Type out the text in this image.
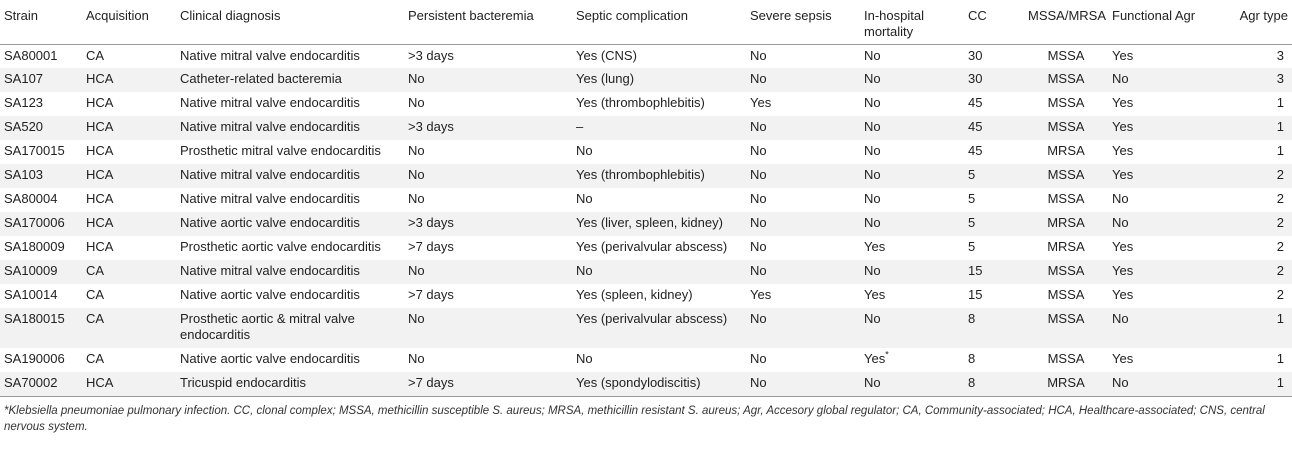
Strain	Acquisition	Clinical diagnosis	Persistent bacteremia	Septic complication	Severe sepsis	In-hospital mortality	CC	MSSA/MRSA	Functional Agr	Agr type
SA80001	CA	Native mitral valve endocarditis	>3 days	Yes (CNS)	No	No	30	MSSA	Yes	3
SA107	HCA	Catheter-related bacteremia	No	Yes (lung)	No	No	30	MSSA	No	3
SA123	HCA	Native mitral valve endocarditis	No	Yes (thrombophlebitis)	Yes	No	45	MSSA	Yes	1
SA520	HCA	Native mitral valve endocarditis	>3 days	–	No	No	45	MSSA	Yes	1
SA170015	HCA	Prosthetic mitral valve endocarditis	No	No	No	No	45	MRSA	Yes	1
SA103	HCA	Native mitral valve endocarditis	No	Yes (thrombophlebitis)	No	No	5	MSSA	Yes	2
SA80004	HCA	Native mitral valve endocarditis	No	No	No	No	5	MSSA	No	2
SA170006	HCA	Native aortic valve endocarditis	>3 days	Yes (liver, spleen, kidney)	No	No	5	MRSA	No	2
SA180009	HCA	Prosthetic aortic valve endocarditis	>7 days	Yes (perivalvular abscess)	No	Yes	5	MRSA	Yes	2
SA10009	CA	Native mitral valve endocarditis	No	No	No	No	15	MSSA	Yes	2
SA10014	CA	Native aortic valve endocarditis	>7 days	Yes (spleen, kidney)	Yes	Yes	15	MSSA	Yes	2
SA180015	CA	Prosthetic aortic & mitral valve endocarditis	No	Yes (perivalvular abscess)	No	No	8	MSSA	No	1
SA190006	CA	Native aortic valve endocarditis	No	No	No	Yes*	8	MSSA	Yes	1
SA70002	HCA	Tricuspid endocarditis	>7 days	Yes (spondylodiscitis)	No	No	8	MRSA	No	1
*Klebsiella pneumoniae pulmonary infection. CC, clonal complex; MSSA, methicillin susceptible S. aureus; MRSA, methicillin resistant S. aureus; Agr, Accesory global regulator; CA, Community-associated; HCA, Healthcare-associated; CNS, central nervous system.
